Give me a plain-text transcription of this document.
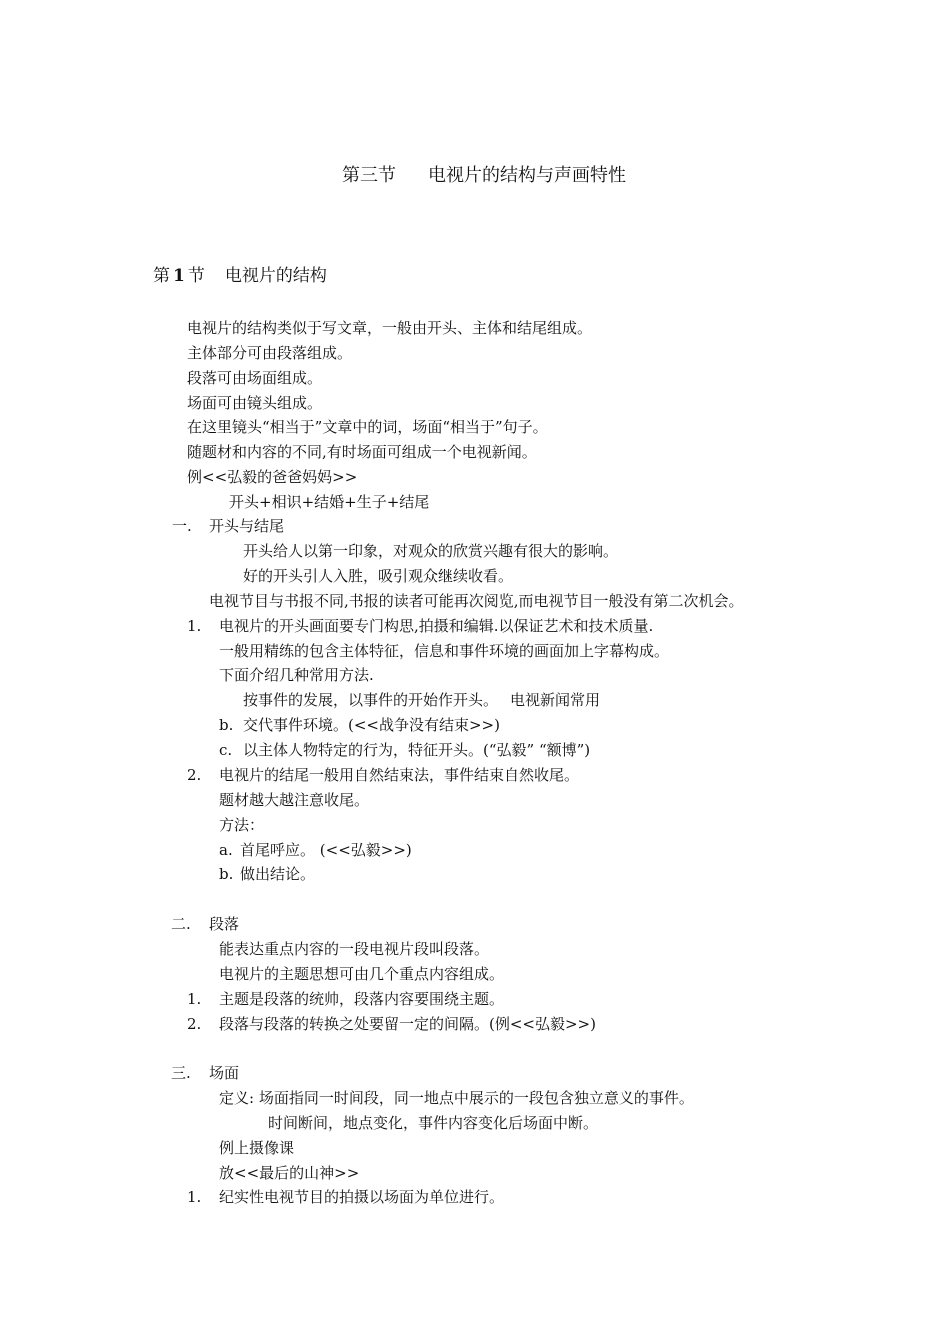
第三节 电视片的结构与声画特性
第 1 节 电视片的结构
电视片的结构类似于写文章，一般由开头、主体和结尾组成。
主体部分可由段落组成。
段落可由场面组成。
场面可由镜头组成。
在这里镜头“相当于”文章中的词，场面“相当于”句子。
随题材和内容的不同,有时场面可组成一个电视新闻。
例<<弘毅的爸爸妈妈>>
开头+相识+结婚+生子+结尾
一. 开头与结尾
开头给人以第一印象，对观众的欣赏兴趣有很大的影响。
好的开头引人入胜，吸引观众继续收看。
电视节目与书报不同,书报的读者可能再次阅览,而电视节目一般没有第二次机会。
1. 电视片的开头画面要专门构思,拍摄和编辑.以保证艺术和技术质量.
一般用精练的包含主体特征，信息和事件环境的画面加上字幕构成。
下面介绍几种常用方法.
按事件的发展，以事件的开始作开头。 电视新闻常用
b. 交代事件环境。(<<战争没有结束>>)
c. 以主体人物特定的行为，特征开头。(“弘毅” “额博”)
2. 电视片的结尾一般用自然结束法，事件结束自然收尾。
题材越大越注意收尾。
方法：
a. 首尾呼应。 (<<弘毅>>)
b. 做出结论。
二. 段落
能表达重点内容的一段电视片段叫段落。
电视片的主题思想可由几个重点内容组成。
1. 主题是段落的统帅，段落内容要围绕主题。
2. 段落与段落的转换之处要留一定的间隔。(例<<弘毅>>)
三. 场面
定义: 场面指同一时间段，同一地点中展示的一段包含独立意义的事件。
时间断间，地点变化，事件内容变化后场面中断。
例上摄像课
放<<最后的山神>>
1. 纪实性电视节目的拍摄以场面为单位进行。
